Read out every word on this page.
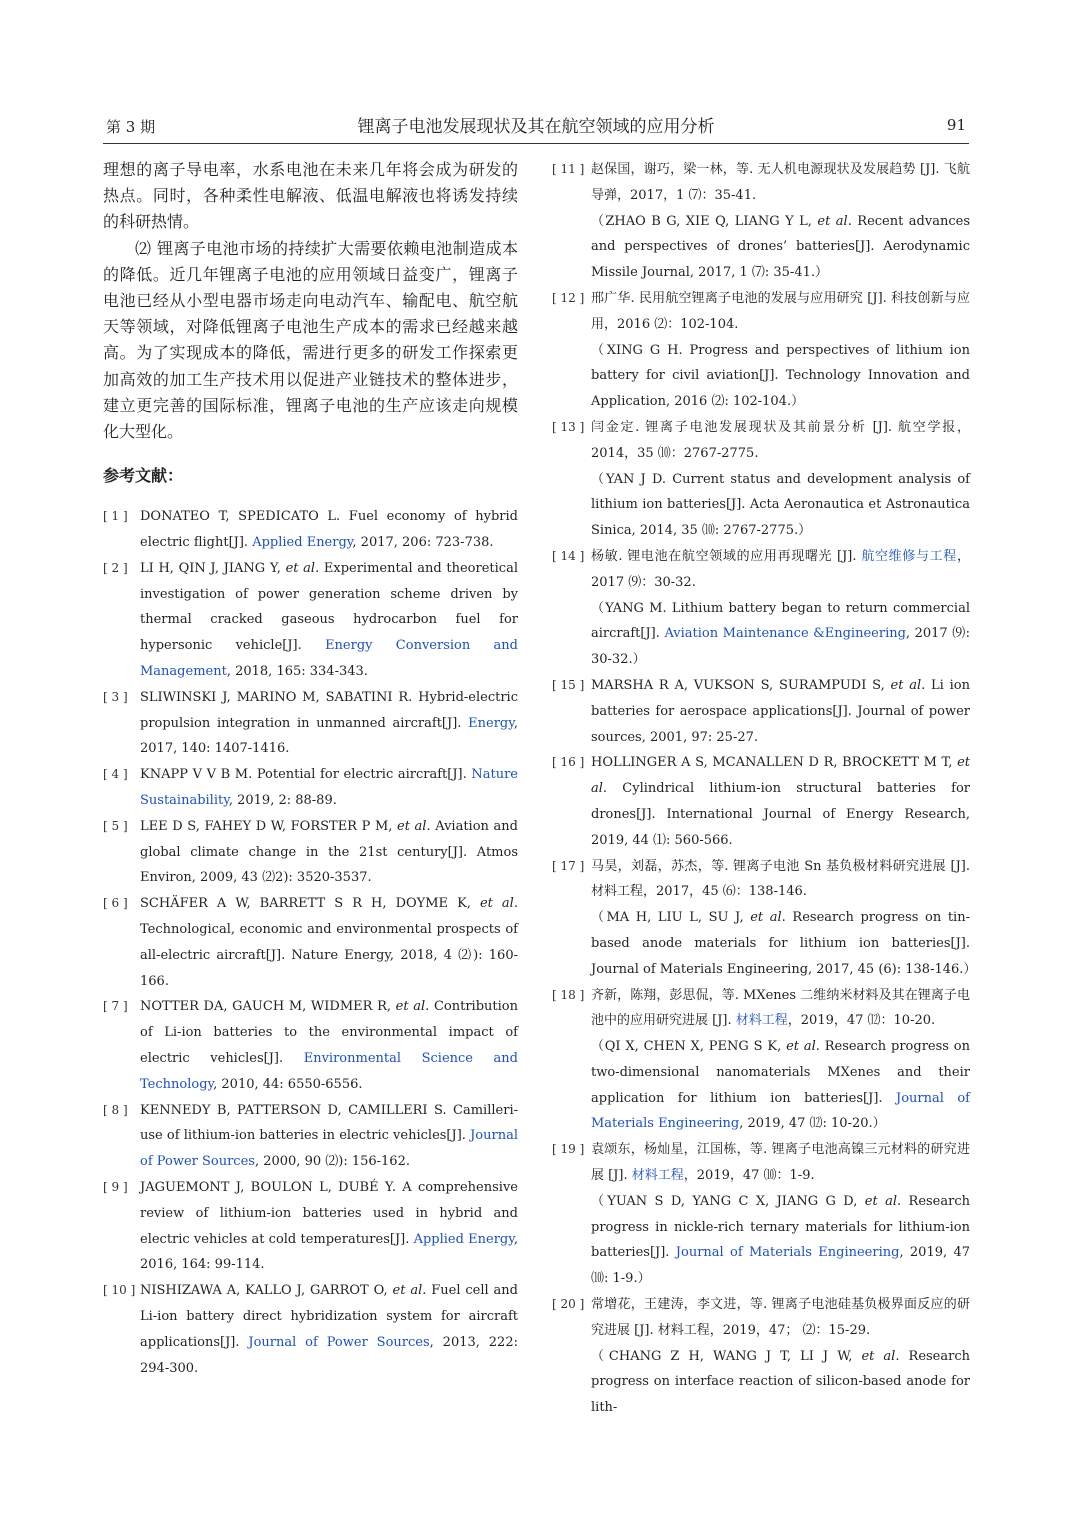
第 3 期	锂离子电池发展现状及其在航空领域的应用分析	91

理想的离子导电率，水系电池在未来几年将会成为研发的热点。同时，各种柔性电解液、低温电解液也将诱发持续的科研热情。

⑵ 锂离子电池市场的持续扩大需要依赖电池制造成本的降低。近几年锂离子电池的应用领域日益变广，锂离子电池已经从小型电器市场走向电动汽车、输配电、航空航天等领域，对降低锂离子电池生产成本的需求已经越来越高。为了实现成本的降低，需进行更多的研发工作探索更加高效的加工生产技术用以促进产业链技术的整体进步，建立更完善的国际标准，锂离子电池的生产应该走向规模化大型化。

参考文献：

[ 1 ] DONATEO T, SPEDICATO L. Fuel economy of hybrid electric flight[J]. Applied Energy, 2017, 206: 723-738.

[ 2 ] LI H, QIN J, JIANG Y, et al. Experimental and theoretical investigation of power generation scheme driven by thermal cracked gaseous hydrocarbon fuel for hypersonic vehicle[J]. Energy Conversion and Management, 2018, 165: 334-343.

[ 3 ] SLIWINSKI J, MARINO M, SABATINI R. Hybrid-electric propulsion integration in unmanned aircraft[J]. Energy, 2017, 140: 1407-1416.

[ 4 ] KNAPP V V B M. Potential for electric aircraft[J]. Nature Sustainability, 2019, 2: 88-89.

[ 5 ] LEE D S, FAHEY D W, FORSTER P M, et al. Aviation and global climate change in the 21st century[J]. Atmos Environ, 2009, 43 ⑵2): 3520-3537.

[ 6 ] SCHÄFER A W, BARRETT S R H, DOYME K, et al. Technological, economic and environmental prospects of all-electric aircraft[J]. Nature Energy, 2018, 4 ⑵): 160-166.

[ 7 ] NOTTER DA, GAUCH M, WIDMER R, et al. Contribution of Li-ion batteries to the environmental impact of electric vehicles[J]. Environmental Science and Technology, 2010, 44: 6550-6556.

[ 8 ] KENNEDY B, PATTERSON D, CAMILLERI S. Camilleri-use of lithium-ion batteries in electric vehicles[J]. Journal of Power Sources, 2000, 90 ⑵): 156-162.

[ 9 ] JAGUEMONT J, BOULON L, DUBÉ Y. A comprehensive review of lithium-ion batteries used in hybrid and electric vehicles at cold temperatures[J]. Applied Energy, 2016, 164: 99-114.

[ 10 ] NISHIZAWA A, KALLO J, GARROT O, et al. Fuel cell and Li-ion battery direct hybridization system for aircraft applications[J]. Journal of Power Sources, 2013, 222: 294-300.

[ 11 ] 赵保国，谢巧，梁一林，等. 无人机电源现状及发展趋势 [J]. 飞航导弹，2017，1 ⑺：35-41.
（ZHAO B G, XIE Q, LIANG Y L, et al. Recent advances and perspectives of drones’ batteries[J]. Aerodynamic Missile Journal, 2017, 1 ⑺: 35-41.）

[ 12 ] 邢广华. 民用航空锂离子电池的发展与应用研究 [J]. 科技创新与应用，2016 ⑵：102-104.
（XING G H. Progress and perspectives of lithium ion battery for civil aviation[J]. Technology Innovation and Application, 2016 ⑵: 102-104.）

[ 13 ] 闫金定. 锂离子电池发展现状及其前景分析 [J]. 航空学报，2014，35 ⑽：2767-2775.
（YAN J D. Current status and development analysis of lithium ion batteries[J]. Acta Aeronautica et Astronautica Sinica, 2014, 35 ⑽: 2767-2775.）

[ 14 ] 杨敏. 锂电池在航空领域的应用再现曙光 [J]. 航空维修与工程，2017 ⑼：30-32.
（YANG M. Lithium battery began to return commercial aircraft[J]. Aviation Maintenance &Engineering, 2017 ⑼: 30-32.）

[ 15 ] MARSHA R A, VUKSON S, SURAMPUDI S, et al. Li ion batteries for aerospace applications[J]. Journal of power sources, 2001, 97: 25-27.

[ 16 ] HOLLINGER A S, MCANALLEN D R, BROCKETT M T, et al. Cylindrical lithium-ion structural batteries for drones[J]. International Journal of Energy Research, 2019, 44 ⑴: 560-566.

[ 17 ] 马昊，刘磊，苏杰，等. 锂离子电池 Sn 基负极材料研究进展 [J]. 材料工程，2017，45 ⑹：138-146.
（MA H, LIU L, SU J, et al. Research progress on tin-based anode materials for lithium ion batteries[J]. Journal of Materials Engineering, 2017, 45 (6): 138-146.）

[ 18 ] 齐新，陈翔，彭思侃，等. MXenes 二维纳米材料及其在锂离子电池中的应用研究进展 [J]. 材料工程，2019，47 ⑿：10-20.
（QI X, CHEN X, PENG S K, et al. Research progress on two-dimensional nanomaterials MXenes and their application for lithium ion batteries[J]. Journal of Materials Engineering, 2019, 47 ⑿: 10-20.）

[ 19 ] 袁颂东，杨灿星，江国栋，等. 锂离子电池高镍三元材料的研究进展 [J]. 材料工程，2019，47 ⑽：1-9.
（YUAN S D, YANG C X, JIANG G D, et al. Research progress in nickle-rich ternary materials for lithium-ion batteries[J]. Journal of Materials Engineering, 2019, 47 ⑽: 1-9.）

[ 20 ] 常增花，王建涛，李文进，等. 锂离子电池硅基负极界面反应的研究进展 [J]. 材料工程，2019，47； ⑵：15-29.
（CHANG Z H, WANG J T, LI J W, et al. Research progress on interface reaction of silicon-based anode for lith-
